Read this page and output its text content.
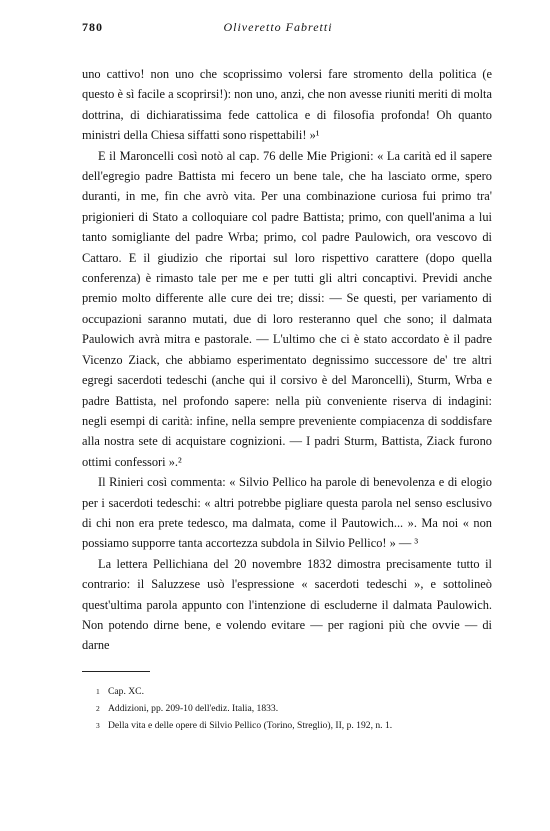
780	Oliveretto Fabretti

uno cattivo! non uno che scoprissimo volersi fare stromento della politica (e questo è sì facile a scoprirsi!): non uno, anzi, che non avesse riuniti meriti di molta dottrina, di dichiaratissima fede cattolica e di filosofia profonda! Oh quanto ministri della Chiesa siffatti sono rispettabili! »¹

E il Maroncelli così notò al cap. 76 delle Mie Prigioni: « La carità ed il sapere dell'egregio padre Battista mi fecero un bene tale, che ha lasciato orme, spero duranti, in me, fin che avrò vita. Per una combinazione curiosa fui primo tra' prigionieri di Stato a colloquiare col padre Battista; primo, con quell'anima a lui tanto somigliante del padre Wrba; primo, col padre Paulowich, ora vescovo di Cattaro. E il giudizio che riportai sul loro rispettivo carattere (dopo quella conferenza) è rimasto tale per me e per tutti gli altri concaptivi. Previdi anche premio molto differente alle cure dei tre; dissi: — Se questi, per variamento di occupazioni saranno mutati, due di loro resteranno quel che sono; il dalmata Paulowich avrà mitra e pastorale. — L'ultimo che ci è stato accordato è il padre Vicenzo Ziack, che abbiamo esperimentato degnissimo successore de' tre altri egregi sacerdoti tedeschi (anche qui il corsivo è del Maroncelli), Sturm, Wrba e padre Battista, nel profondo sapere: nella più conveniente riserva di indagini: negli esempi di carità: infine, nella sempre preveniente compiacenza di soddisfare alla nostra sete di acquistare cognizioni. — I padri Sturm, Battista, Ziack furono ottimi confessori ».²

Il Rinieri così commenta: « Silvio Pellico ha parole di benevolenza e di elogio per i sacerdoti tedeschi: « altri potrebbe pigliare questa parola nel senso esclusivo di chi non era prete tedesco, ma dalmata, come il Pautowich... ». Ma noi « non possiamo supporre tanta accortezza subdola in Silvio Pellico! » — ³

La lettera Pellichiana del 20 novembre 1832 dimostra precisamente tutto il contrario: il Saluzzese usò l'espressione « sacerdoti tedeschi », e sottolineò quest'ultima parola appunto con l'intenzione di escluderne il dalmata Paulowich. Non potendo dirne bene, e volendo evitare — per ragioni più che ovvie — di darne

1 Cap. XC.
2 Addizioni, pp. 209-10 dell'ediz. Italia, 1833.
3 Della vita e delle opere di Silvio Pellico (Torino, Streglio), II, p. 192, n. 1.
